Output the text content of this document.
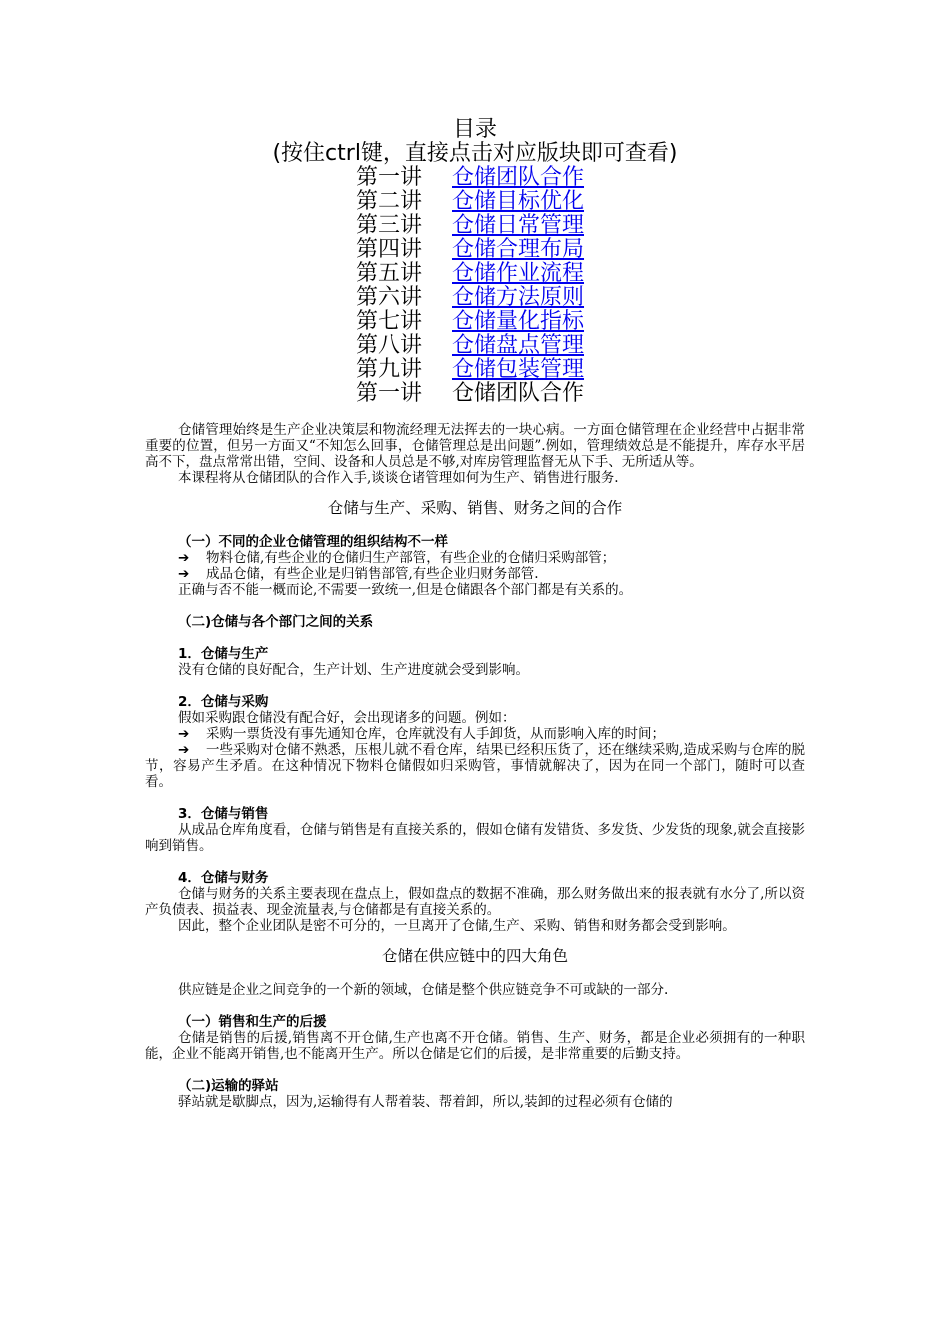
目录
(按住ctrl键，直接点击对应版块即可查看)
第一讲	仓储团队合作
第二讲	仓储目标优化
第三讲	仓储日常管理
第四讲	仓储合理布局
第五讲	仓储作业流程
第六讲	仓储方法原则
第七讲	仓储量化指标
第八讲	仓储盘点管理
第九讲	仓储包装管理
第一讲	仓储团队合作

仓储管理始终是生产企业决策层和物流经理无法挥去的一块心病。一方面仓储管理在企业经营中占据非常重要的位置，但另一方面又“不知怎么回事，仓储管理总是出问题”.例如，管理绩效总是不能提升，库存水平居高不下，盘点常常出错，空间、设备和人员总是不够,对库房管理监督无从下手、无所适从等。

本课程将从仓储团队的合作入手,谈谈仓诸管理如何为生产、销售进行服务.

仓储与生产、采购、销售、财务之间的合作
（一）不同的企业仓储管理的组织结构不一样
➔	物料仓储,有些企业的仓储归生产部管，有些企业的仓储归采购部管；
➔	成品仓储，有些企业是归销售部管,有些企业归财务部管.

正确与否不能一概而论,不需要一致统一,但是仓储跟各个部门都是有关系的。

（二)仓储与各个部门之间的关系
1．仓储与生产

没有仓储的良好配合，生产计划、生产进度就会受到影响。

2．仓储与采购

假如采购跟仓储没有配合好，会出现诸多的问题。例如：

➔	采购一票货没有事先通知仓库，仓库就没有人手卸货，从而影响入库的时间；

➔ 一些采购对仓储不熟悉，压根儿就不看仓库，结果已经积压货了，还在继续采购,造成采购与仓库的脱节，容易产生矛盾。在这种情况下物料仓储假如归采购管，事情就解决了，因为在同一个部门，随时可以查看。

3．仓储与销售

从成品仓库角度看，仓储与销售是有直接关系的，假如仓储有发错货、多发货、少发货的现象,就会直接影响到销售。

4．仓储与财务

仓储与财务的关系主要表现在盘点上，假如盘点的数据不准确，那么财务做出来的报表就有水分了,所以资产负债表、损益表、现金流量表,与仓储都是有直接关系的。

因此，整个企业团队是密不可分的，一旦离开了仓储,生产、采购、销售和财务都会受到影响。

仓储在供应链中的四大角色

供应链是企业之间竞争的一个新的领域，仓储是整个供应链竞争不可或缺的一部分.

（一）销售和生产的后援

仓储是销售的后援,销售离不开仓储,生产也离不开仓储。销售、生产、财务，都是企业必须拥有的一种职能，企业不能离开销售,也不能离开生产。所以仓储是它们的后援，是非常重要的后勤支持。

（二)运输的驿站

驿站就是歇脚点，因为,运输得有人帮着装、帮着卸，所以,装卸的过程必须有仓储的
